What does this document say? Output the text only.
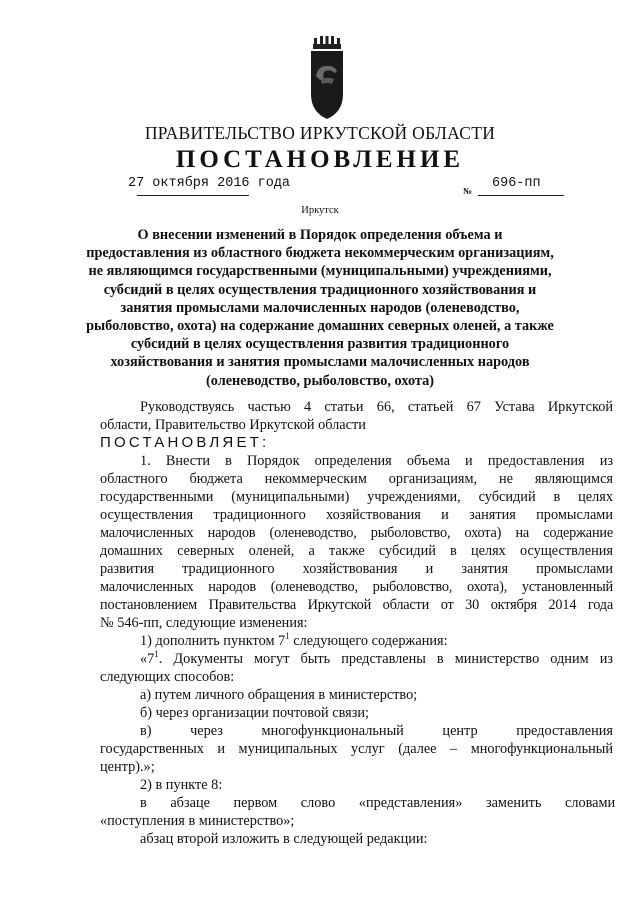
ПРАВИТЕЛЬСТВО ИРКУТСКОЙ ОБЛАСТИ
ПОСТАНОВЛЕНИЕ
27 октября 2016 года	№ 696-пп
Иркутск
О внесении изменений в Порядок определения объема и
предоставления из областного бюджета некоммерческим организациям,
не являющимся государственными (муниципальными) учреждениями,
субсидий в целях осуществления традиционного хозяйствования и
занятия промыслами малочисленных народов (оленеводство,
рыболовство, охота) на содержание домашних северных оленей, а также
субсидий в целях осуществления развития традиционного
хозяйствования и занятия промыслами малочисленных народов
(оленеводство, рыболовство, охота)
Руководствуясь частью 4 статьи 66, статьей 67 Устава Иркутской
области, Правительство Иркутской области
ПОСТАНОВЛЯЕТ:
1. Внести в Порядок определения объема и предоставления из
областного бюджета некоммерческим организациям, не являющимся
государственными (муниципальными) учреждениями, субсидий в целях
осуществления традиционного хозяйствования и занятия промыслами
малочисленных народов (оленеводство, рыболовство, охота) на содержание
домашних северных оленей, а также субсидий в целях осуществления
развития традиционного хозяйствования и занятия промыслами
малочисленных народов (оленеводство, рыболовство, охота), установленный
постановлением Правительства Иркутской области от 30 октября 2014 года
№ 546-пп, следующие изменения:
1) дополнить пунктом $7^1$ следующего содержания:
«$7^1$. Документы могут быть представлены в министерство одним из
следующих способов:
а) путем личного обращения в министерство;
б) через организации почтовой связи;
в) через многофункциональный центр предоставления
государственных и муниципальных услуг (далее – многофункциональный
центр).»;
2) в пункте 8:
в абзаце первом слово «представления» заменить словами
«поступления в министерство»;
абзац второй изложить в следующей редакции:
